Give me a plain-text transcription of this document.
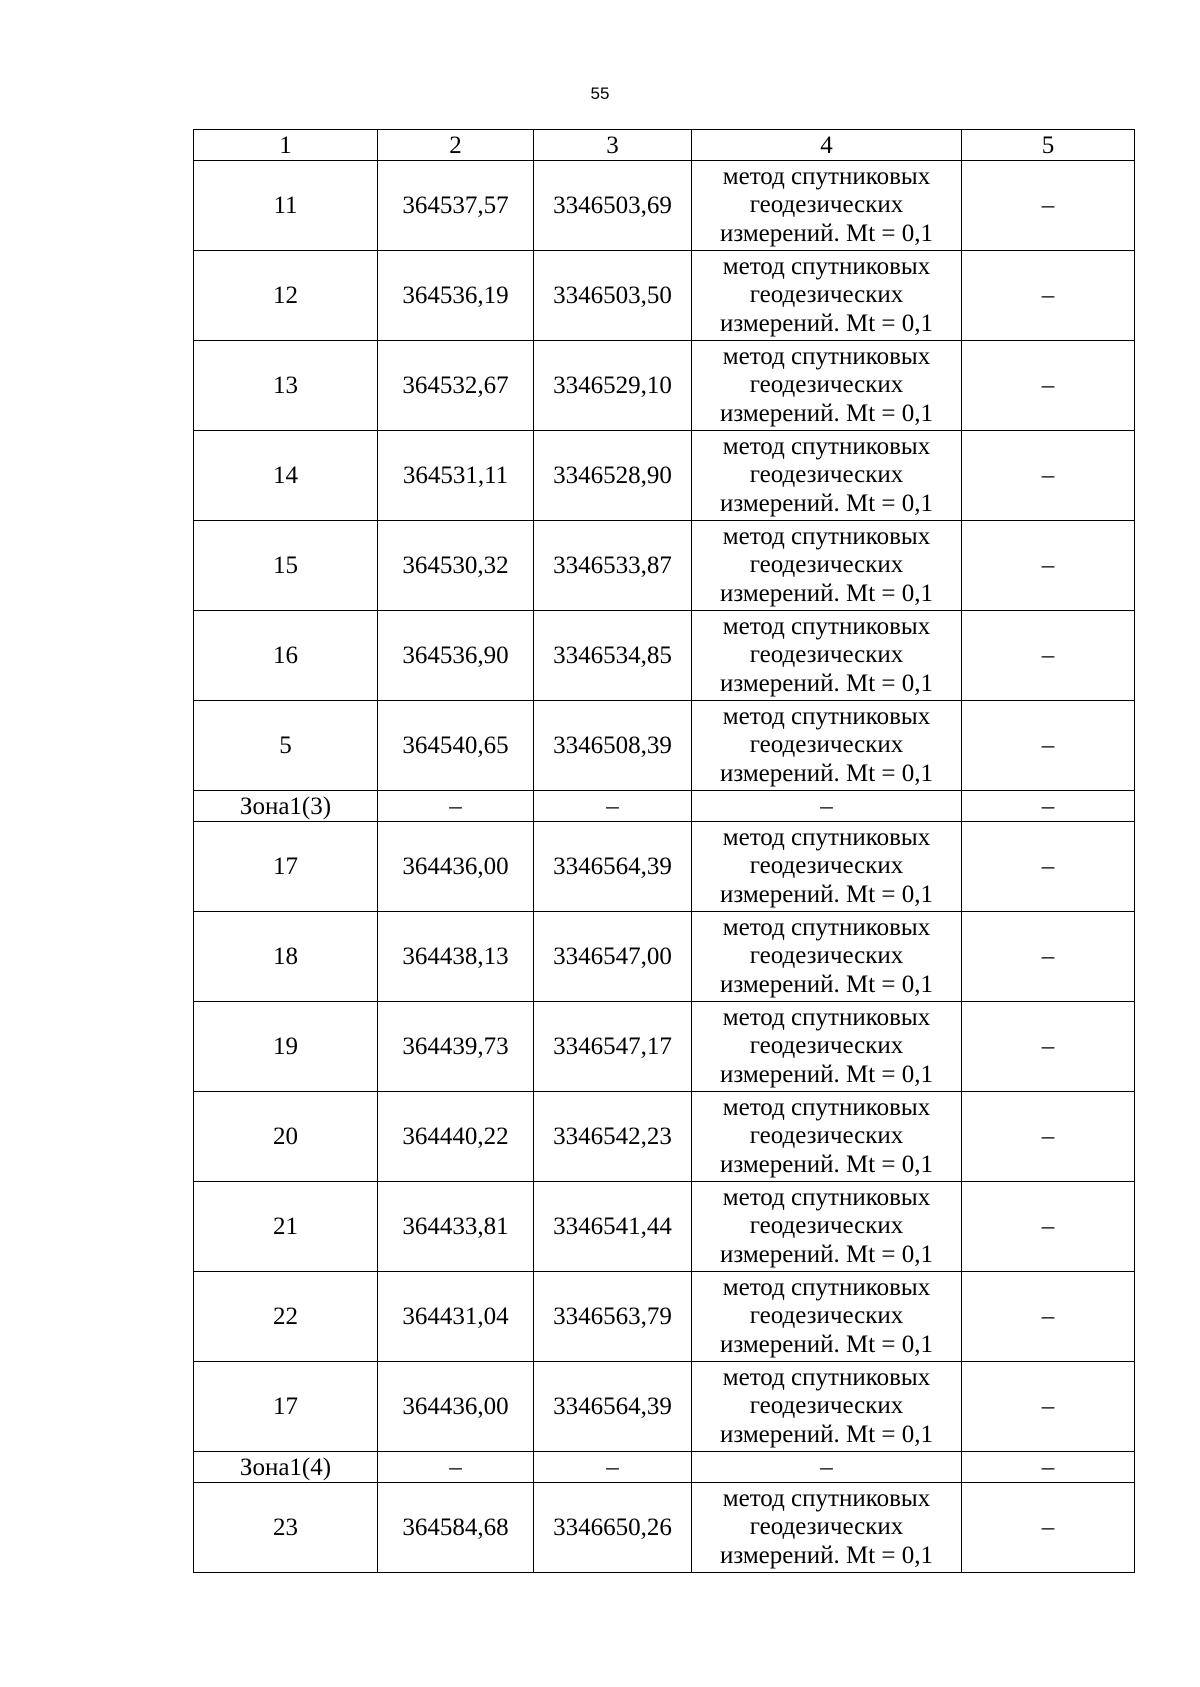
55
1	2	3	4	5
11	364537,57	3346503,69	метод спутниковых
геодезических
измерений. Mt = 0,1	–
12	364536,19	3346503,50	метод спутниковых
геодезических
измерений. Mt = 0,1	–
13	364532,67	3346529,10	метод спутниковых
геодезических
измерений. Mt = 0,1	–
14	364531,11	3346528,90	метод спутниковых
геодезических
измерений. Mt = 0,1	–
15	364530,32	3346533,87	метод спутниковых
геодезических
измерений. Mt = 0,1	–
16	364536,90	3346534,85	метод спутниковых
геодезических
измерений. Mt = 0,1	–
5	364540,65	3346508,39	метод спутниковых
геодезических
измерений. Mt = 0,1	–
Зона1(3)	–	–	–	–
17	364436,00	3346564,39	метод спутниковых
геодезических
измерений. Mt = 0,1	–
18	364438,13	3346547,00	метод спутниковых
геодезических
измерений. Mt = 0,1	–
19	364439,73	3346547,17	метод спутниковых
геодезических
измерений. Mt = 0,1	–
20	364440,22	3346542,23	метод спутниковых
геодезических
измерений. Mt = 0,1	–
21	364433,81	3346541,44	метод спутниковых
геодезических
измерений. Mt = 0,1	–
22	364431,04	3346563,79	метод спутниковых
геодезических
измерений. Mt = 0,1	–
17	364436,00	3346564,39	метод спутниковых
геодезических
измерений. Mt = 0,1	–
Зона1(4)	–	–	–	–
23	364584,68	3346650,26	метод спутниковых
геодезических
измерений. Mt = 0,1	–
